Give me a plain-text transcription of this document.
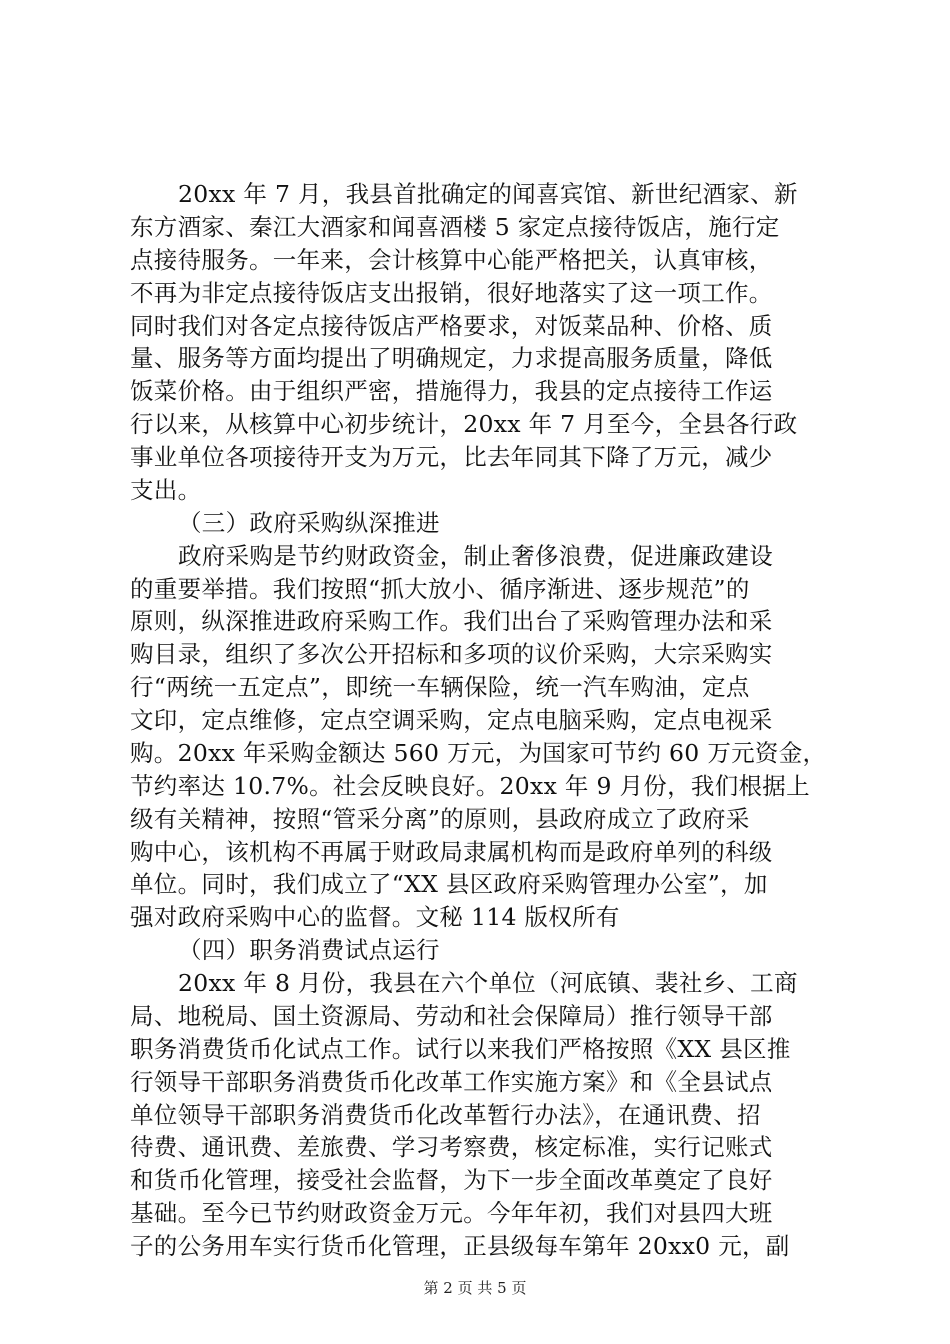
20xx 年 7 月，我县首批确定的闻喜宾馆、新世纪酒家、新
东方酒家、秦江大酒家和闻喜酒楼 5 家定点接待饭店，施行定
点接待服务。一年来，会计核算中心能严格把关，认真审核，
不再为非定点接待饭店支出报销，很好地落实了这一项工作。
同时我们对各定点接待饭店严格要求，对饭菜品种、价格、质
量、服务等方面均提出了明确规定，力求提高服务质量，降低
饭菜价格。由于组织严密，措施得力，我县的定点接待工作运
行以来，从核算中心初步统计，20xx 年 7 月至今，全县各行政
事业单位各项接待开支为万元，比去年同其下降了万元，减少
支出。
（三）政府采购纵深推进
政府采购是节约财政资金，制止奢侈浪费，促进廉政建设
的重要举措。我们按照“抓大放小、循序渐进、逐步规范”的
原则，纵深推进政府采购工作。我们出台了采购管理办法和采
购目录，组织了多次公开招标和多项的议价采购，大宗采购实
行“两统一五定点”，即统一车辆保险，统一汽车购油，定点
文印，定点维修，定点空调采购，定点电脑采购，定点电视采
购。20xx 年采购金额达 560 万元，为国家可节约 60 万元资金，
节约率达 10.7%。社会反映良好。20xx 年 9 月份，我们根据上
级有关精神，按照“管采分离”的原则，县政府成立了政府采
购中心，该机构不再属于财政局隶属机构而是政府单列的科级
单位。同时，我们成立了“XX 县区政府采购管理办公室”，加
强对政府采购中心的监督。文秘 114 版权所有
（四）职务消费试点运行
20xx 年 8 月份，我县在六个单位（河底镇、裴社乡、工商
局、地税局、国土资源局、劳动和社会保障局）推行领导干部
职务消费货币化试点工作。试行以来我们严格按照《XX 县区推
行领导干部职务消费货币化改革工作实施方案》和《全县试点
单位领导干部职务消费货币化改革暂行办法》，在通讯费、招
待费、通讯费、差旅费、学习考察费，核定标准，实行记账式
和货币化管理，接受社会监督，为下一步全面改革奠定了良好
基础。至今已节约财政资金万元。今年年初，我们对县四大班
子的公务用车实行货币化管理，正县级每车第年 20xx0 元，副
第 2 页 共 5 页
